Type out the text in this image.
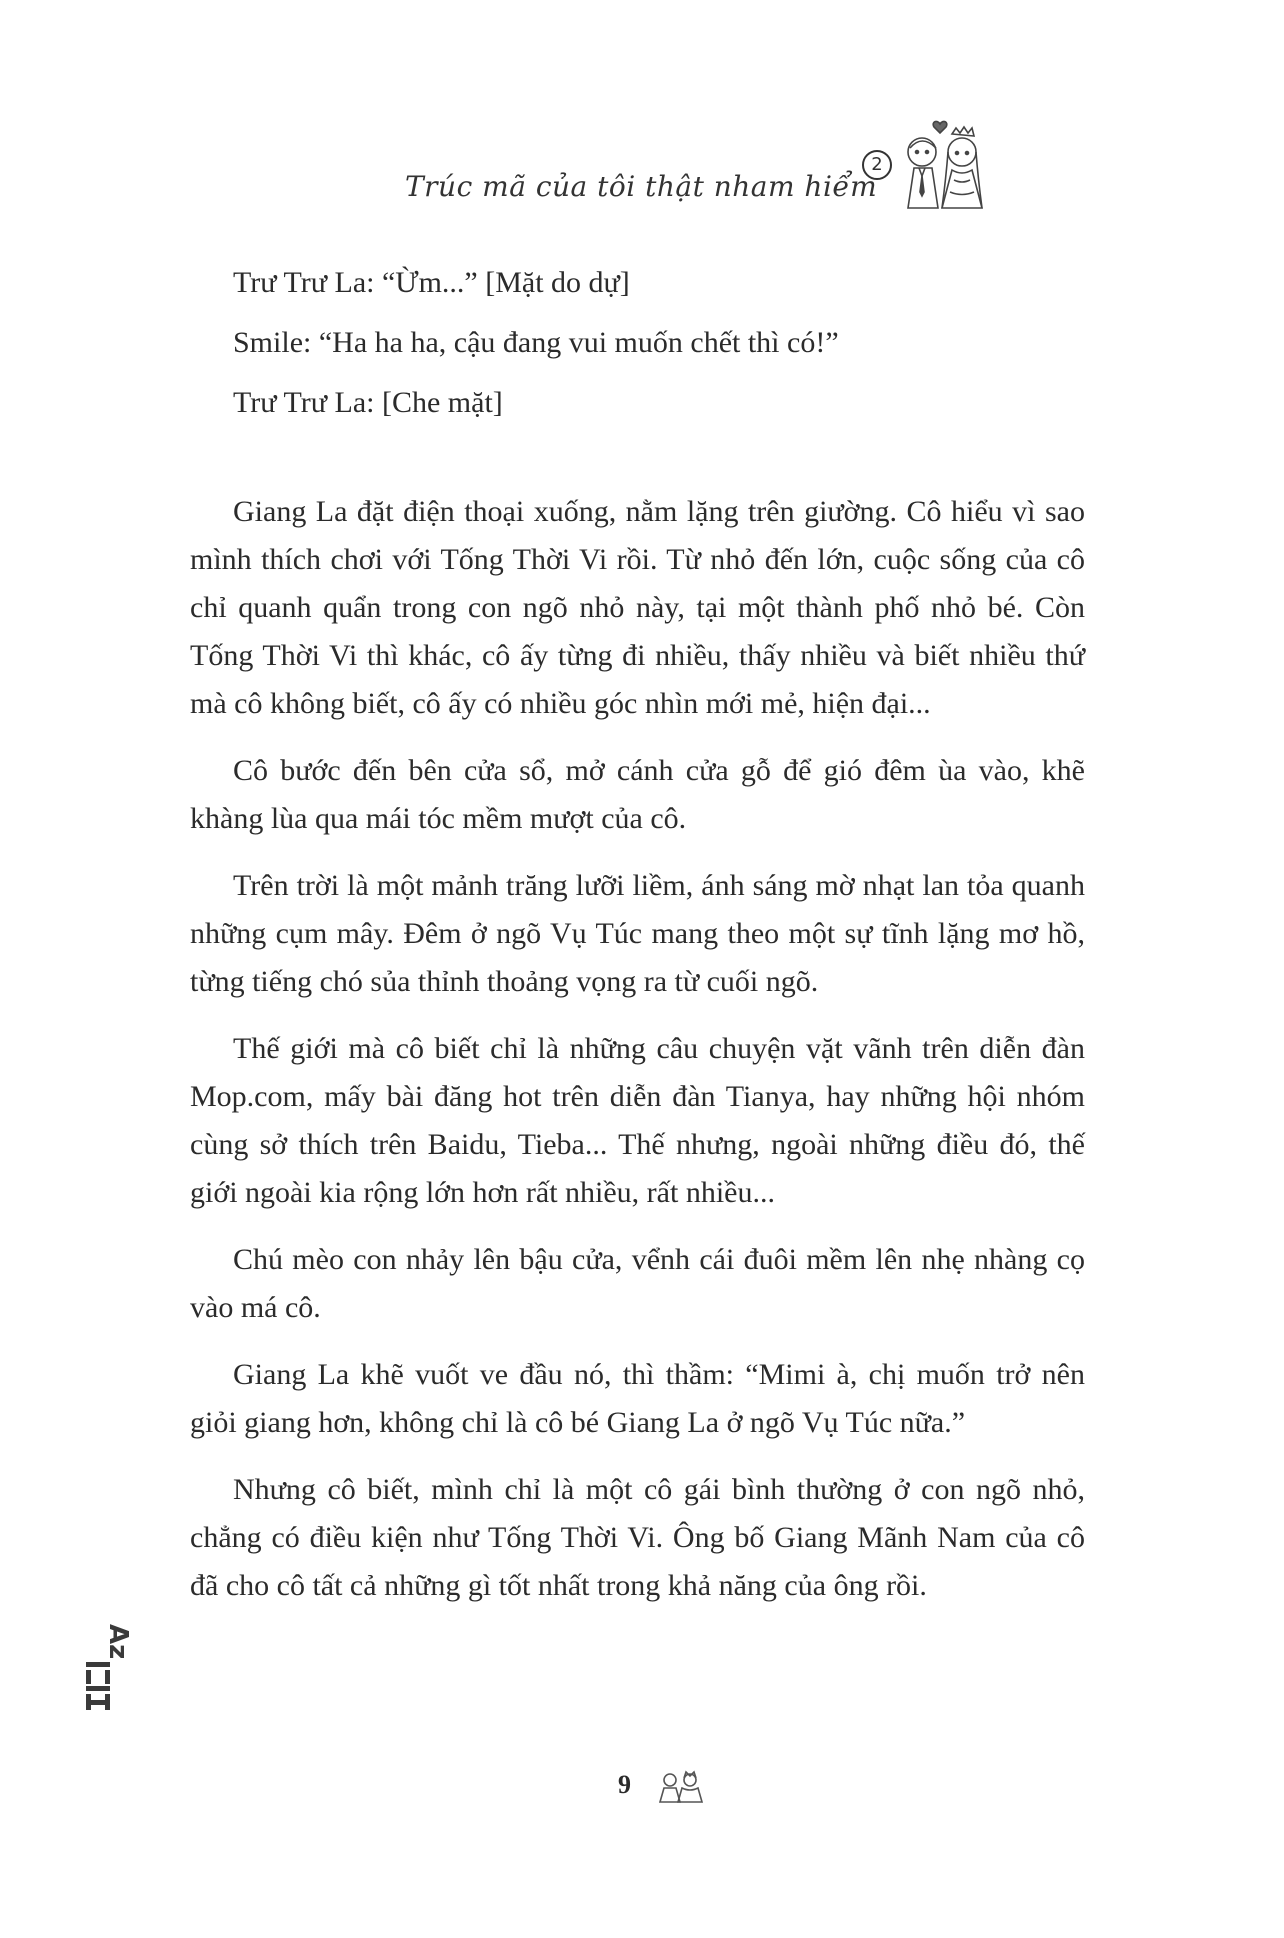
Trúc mã của tôi thật nham hiểm
2

Trư Trư La: “Ừm...” [Mặt do dự]

Smile: “Ha ha ha, cậu đang vui muốn chết thì có!”

Trư Trư La: [Che mặt]

Giang La đặt điện thoại xuống, nằm lặng trên giường. Cô hiểu vì sao mình thích chơi với Tống Thời Vi rồi. Từ nhỏ đến lớn, cuộc sống của cô chỉ quanh quẩn trong con ngõ nhỏ này, tại một thành phố nhỏ bé. Còn Tống Thời Vi thì khác, cô ấy từng đi nhiều, thấy nhiều và biết nhiều thứ mà cô không biết, cô ấy có nhiều góc nhìn mới mẻ, hiện đại...

Cô bước đến bên cửa sổ, mở cánh cửa gỗ để gió đêm ùa vào, khẽ khàng lùa qua mái tóc mềm mượt của cô.

Trên trời là một mảnh trăng lưỡi liềm, ánh sáng mờ nhạt lan tỏa quanh những cụm mây. Đêm ở ngõ Vụ Túc mang theo một sự tĩnh lặng mơ hồ, từng tiếng chó sủa thỉnh thoảng vọng ra từ cuối ngõ.

Thế giới mà cô biết chỉ là những câu chuyện vặt vãnh trên diễn đàn Mop.com, mấy bài đăng hot trên diễn đàn Tianya, hay những hội nhóm cùng sở thích trên Baidu, Tieba... Thế nhưng, ngoài những điều đó, thế giới ngoài kia rộng lớn hơn rất nhiều, rất nhiều...

Chú mèo con nhảy lên bậu cửa, vểnh cái đuôi mềm lên nhẹ nhàng cọ vào má cô.

Giang La khẽ vuốt ve đầu nó, thì thầm: “Mimi à, chị muốn trở nên giỏi giang hơn, không chỉ là cô bé Giang La ở ngõ Vụ Túc nữa.”

Nhưng cô biết, mình chỉ là một cô gái bình thường ở con ngõ nhỏ, chẳng có điều kiện như Tống Thời Vi. Ông bố Giang Mãnh Nam của cô đã cho cô tất cả những gì tốt nhất trong khả năng của ông rồi.

Az
9
